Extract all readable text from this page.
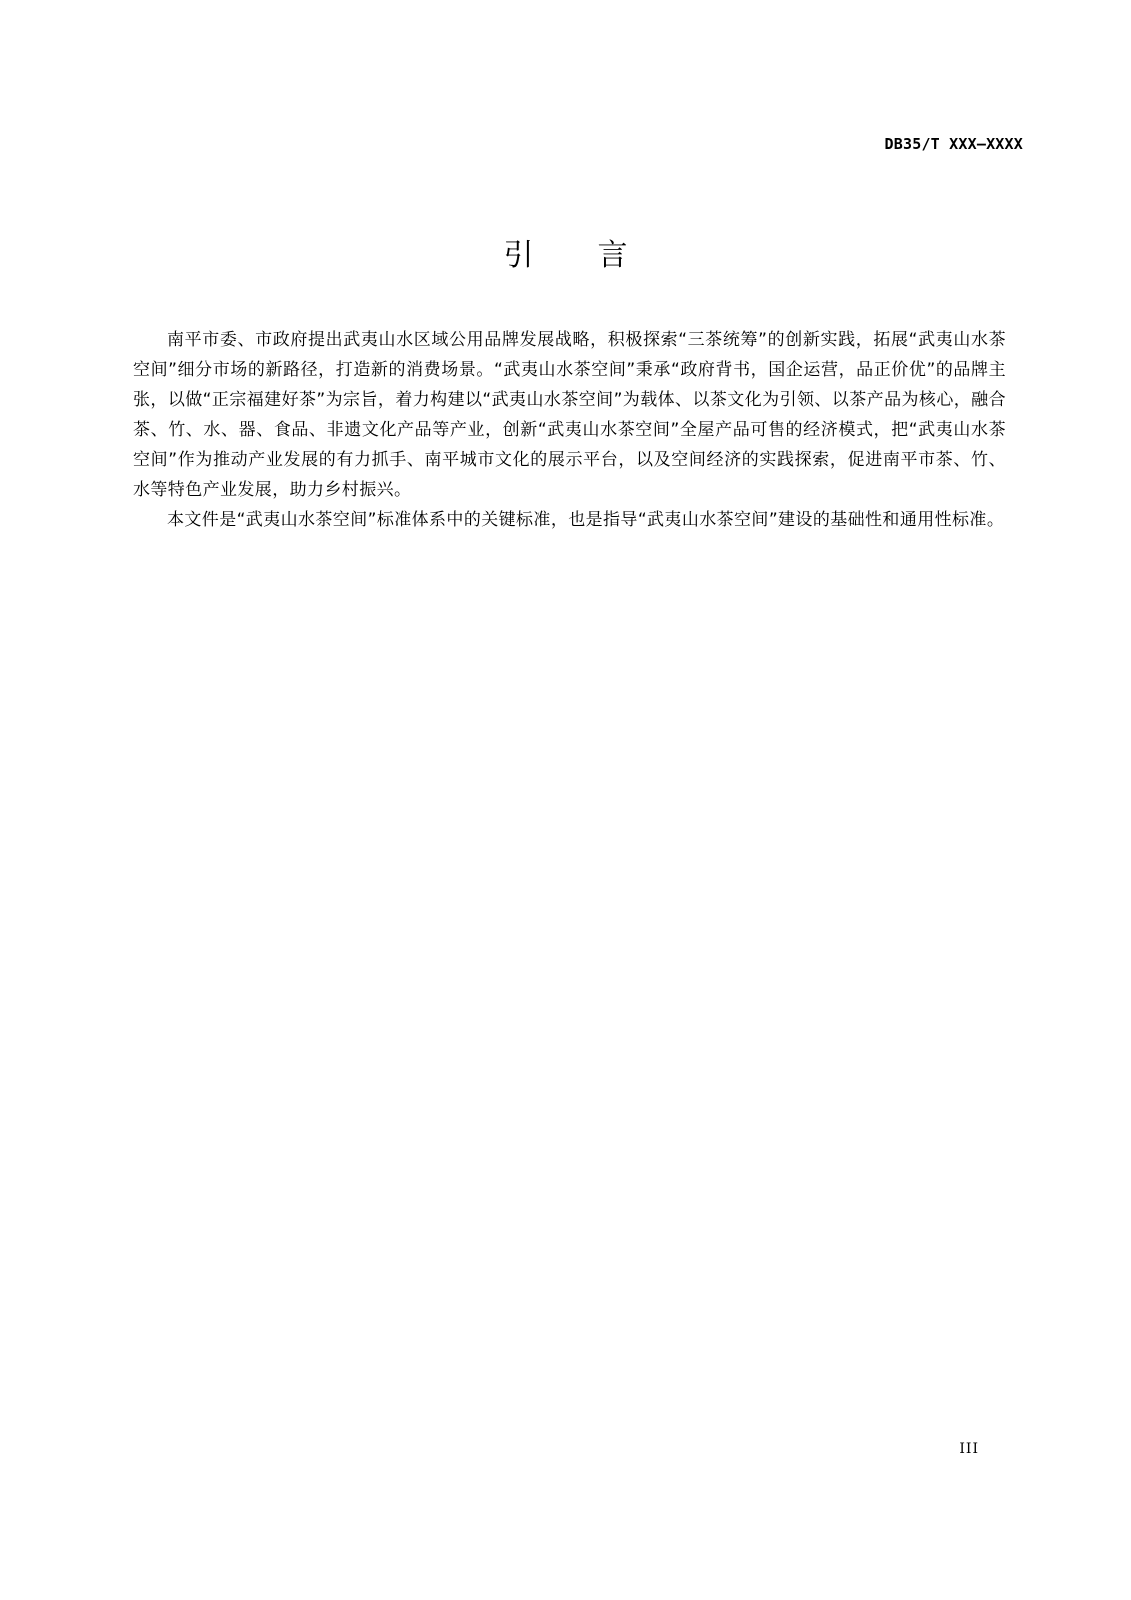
DB35/T XXX—XXXX
引言

南平市委、市政府提出武夷山水区域公用品牌发展战略，积极探索“三茶统筹”的创新实践，拓展“武夷山水茶空间”细分市场的新路径，打造新的消费场景。“武夷山水茶空间”秉承“政府背书，国企运营，品正价优”的品牌主张，以做“正宗福建好茶”为宗旨，着力构建以“武夷山水茶空间”为载体、以茶文化为引领、以茶产品为核心，融合茶、竹、水、器、食品、非遗文化产品等产业，创新“武夷山水茶空间”全屋产品可售的经济模式，把“武夷山水茶空间”作为推动产业发展的有力抓手、南平城市文化的展示平台，以及空间经济的实践探索，促进南平市茶、竹、水等特色产业发展，助力乡村振兴。

本文件是“武夷山水茶空间”标准体系中的关键标准，也是指导“武夷山水茶空间”建设的基础性和通用性标准。

III
